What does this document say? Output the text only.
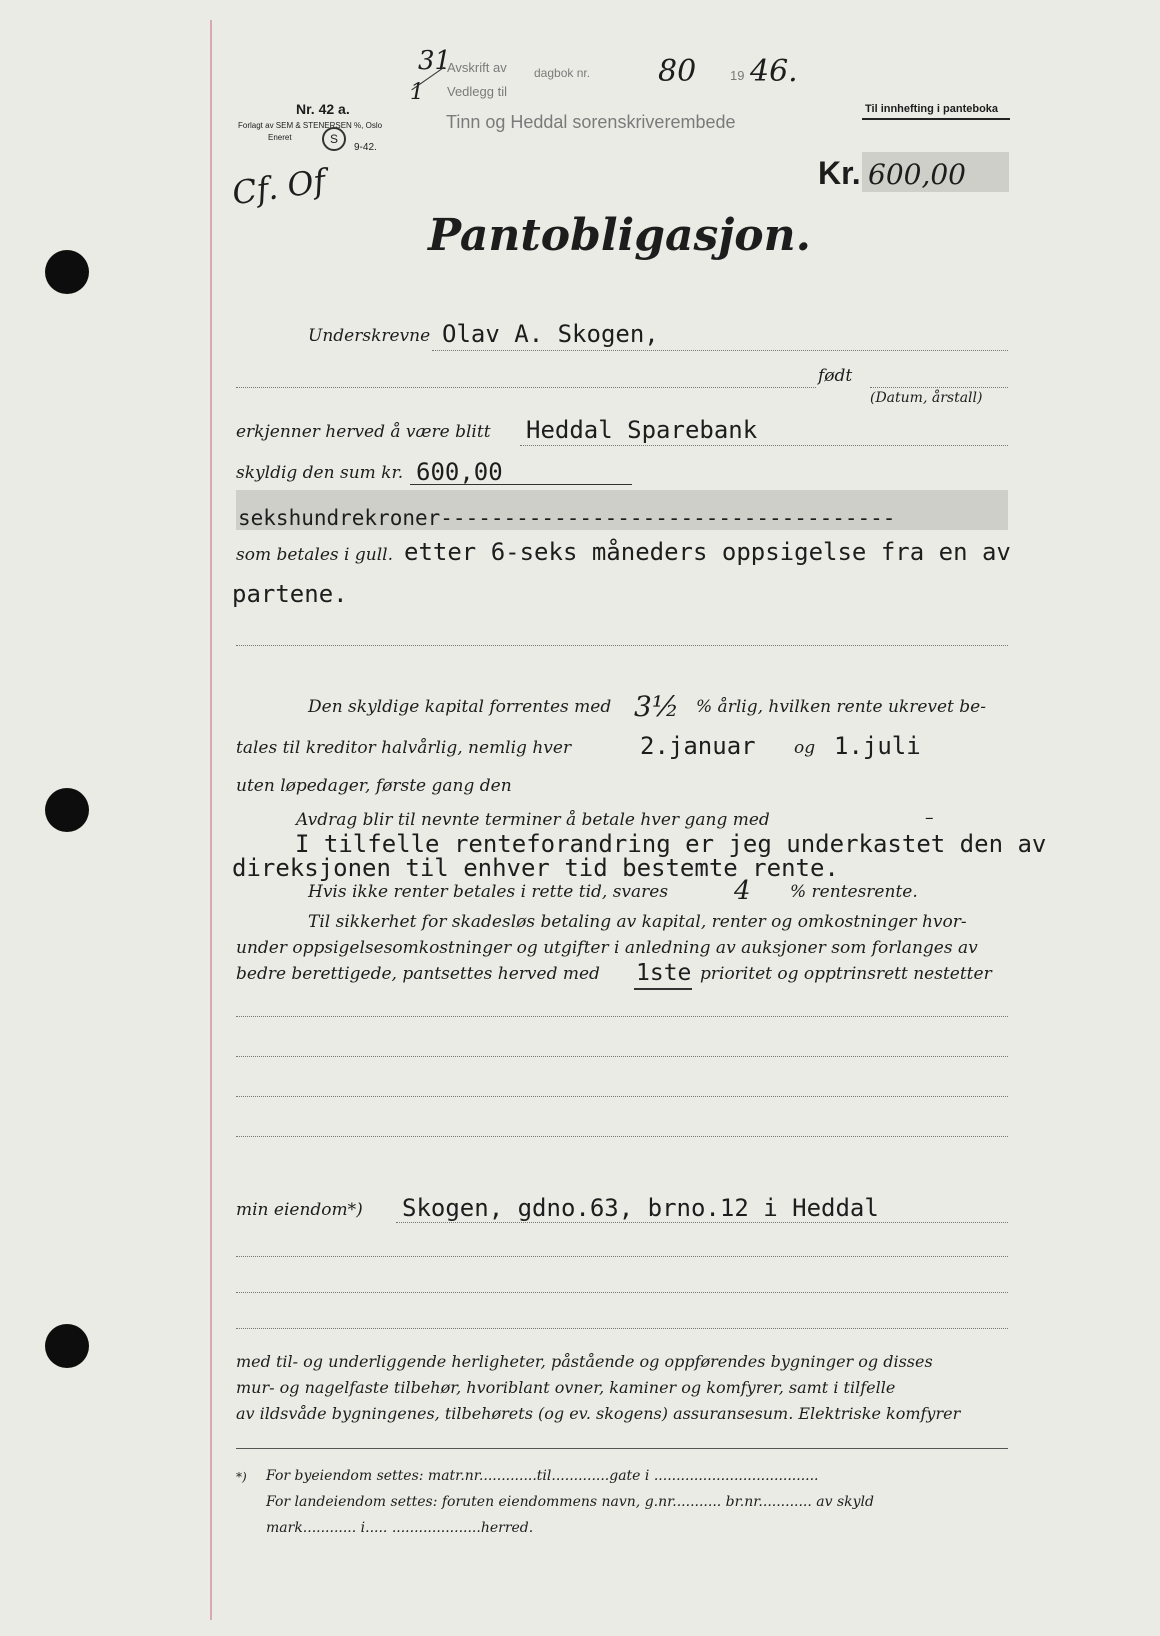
Nr. 42 a.
Forlagt av SEM & STENERSEN %, Oslo
Eneret
9-42.
S
31
1
Avskrift av dagbok nr.
Vedlegg til
Tinn og Heddal sorenskriverembede
80	19 46.
Til innhefting i panteboka
Cf. Of	Kr. 600,00
Pantobligasjon.
Underskrevne Olav A. Skogen,
født
(Datum, årstall)
erkjenner herved å være blitt Heddal Sparebank
skyldig den sum kr. 600,00
sekshundrekroner------------------------------------
som betales i gull. etter 6-seks måneders oppsigelse fra en av
partene.
Den skyldige kapital forrentes med 3½ % årlig, hvilken rente ukrevet be-
tales til kreditor halvårlig, nemlig hver	2.januar og 1.juli
uten løpedager, første gang den
Avdrag blir til nevnte terminer å betale hver gang med	–
I tilfelle renteforandring er jeg underkastet den av
direksjonen til enhver tid bestemte rente.
Hvis ikke renter betales i rette tid, svares	4 % rentesrente.
Til sikkerhet for skadesløs betaling av kapital, renter og omkostninger hvor-
under oppsigelsesomkostninger og utgifter i anledning av auksjoner som forlanges av
bedre berettigede, pantsettes herved med 1ste prioritet og opptrinsrett nestetter
min eiendom*) Skogen, gdno.63, brno.12 i Heddal
med til- og underliggende herligheter, påstående og oppførendes bygninger og disses
mur- og nagelfaste tilbehør, hvoriblant ovner, kaminer og komfyrer, samt i tilfelle
av ildsvåde bygningenes, tilbehørets (og ev. skogens) assuransesum. Elektriske komfyrer
*) For byeiendom settes: matr.nr.............til.............gate i .....................................
For landeiendom settes: foruten eiendommens navn, g.nr........... br.nr............ av skyld
mark............ i..... ....................herred.
